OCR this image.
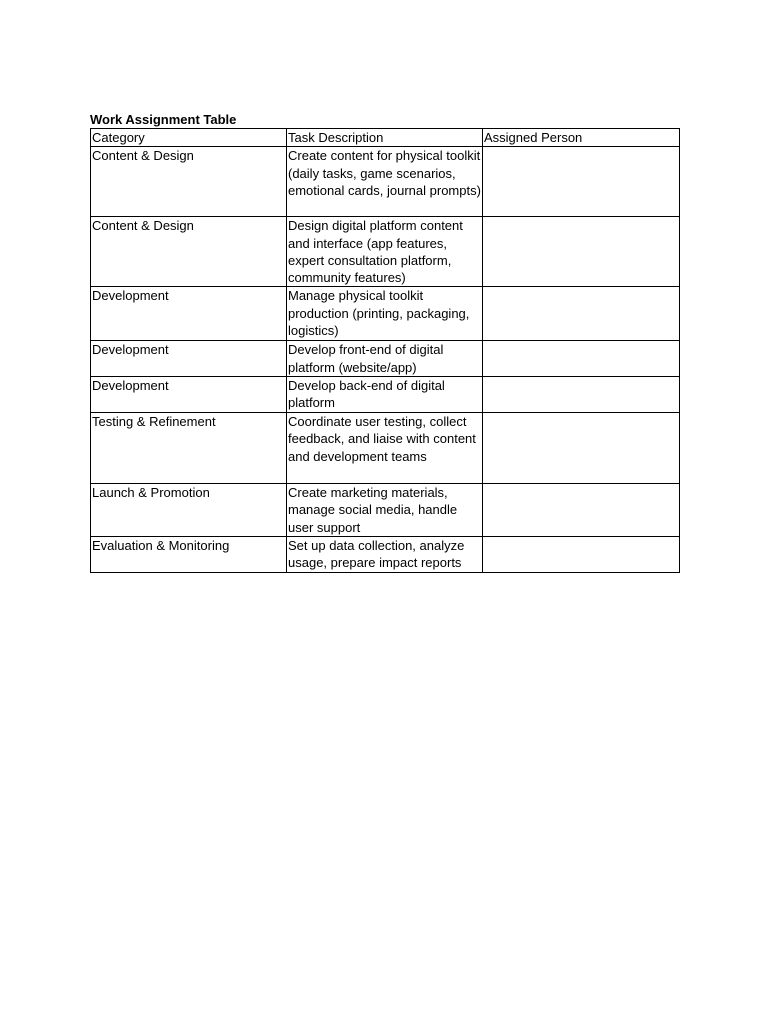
Work Assignment Table
Category	Task Description	Assigned Person
Content & Design	Create content for physical toolkit (daily tasks, game scenarios, emotional cards, journal prompts)	
Content & Design	Design digital platform content and interface (app features, expert consultation platform, community features)	
Development	Manage physical toolkit production (printing, packaging, logistics)	
Development	Develop front-end of digital platform (website/app)	
Development	Develop back-end of digital platform	
Testing & Refinement	Coordinate user testing, collect feedback, and liaise with content and development teams	
Launch & Promotion	Create marketing materials, manage social media, handle user support	
Evaluation & Monitoring	Set up data collection, analyze usage, prepare impact reports	
